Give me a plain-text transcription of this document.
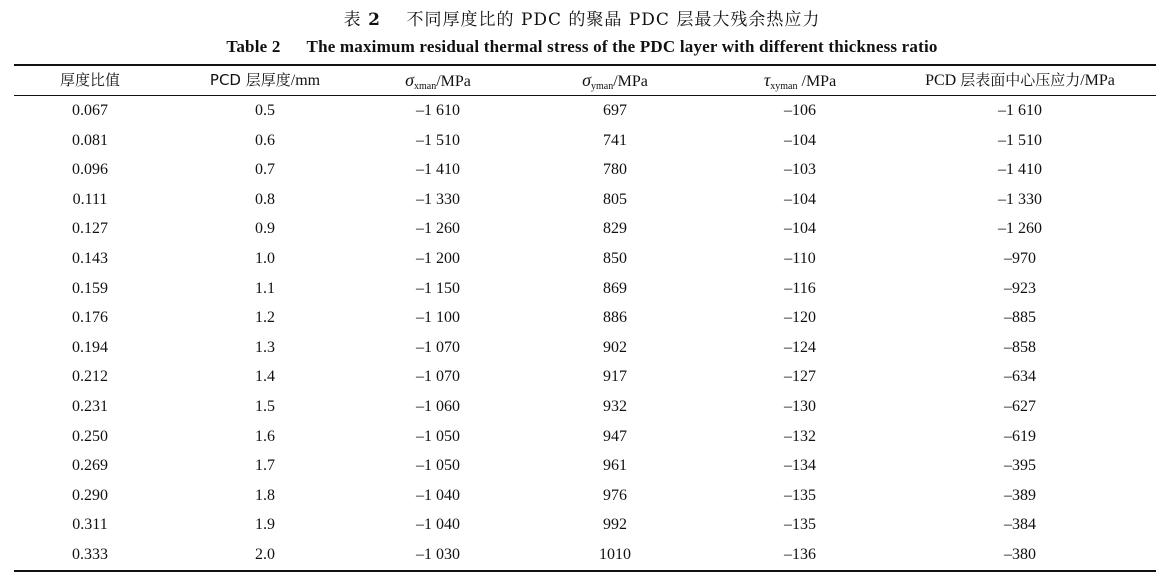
表 2 不同厚度比的 PDC 的聚晶 PDC 层最大残余热应力
Table 2 The maximum residual thermal stress of the PDC layer with different thickness ratio
厚度比值	PCD 层厚度/mm	$\sigma_{xman}$/MPa	$\sigma_{yman}$/MPa	$\tau_{xyman}$ /MPa	PCD 层表面中心压应力/MPa
0.067	0.5	–1 610	697	–106	–1 610
0.081	0.6	–1 510	741	–104	–1 510
0.096	0.7	–1 410	780	–103	–1 410
0.111	0.8	–1 330	805	–104	–1 330
0.127	0.9	–1 260	829	–104	–1 260
0.143	1.0	–1 200	850	–110	–970
0.159	1.1	–1 150	869	–116	–923
0.176	1.2	–1 100	886	–120	–885
0.194	1.3	–1 070	902	–124	–858
0.212	1.4	–1 070	917	–127	–634
0.231	1.5	–1 060	932	–130	–627
0.250	1.6	–1 050	947	–132	–619
0.269	1.7	–1 050	961	–134	–395
0.290	1.8	–1 040	976	–135	–389
0.311	1.9	–1 040	992	–135	–384
0.333	2.0	–1 030	1010	–136	–380
